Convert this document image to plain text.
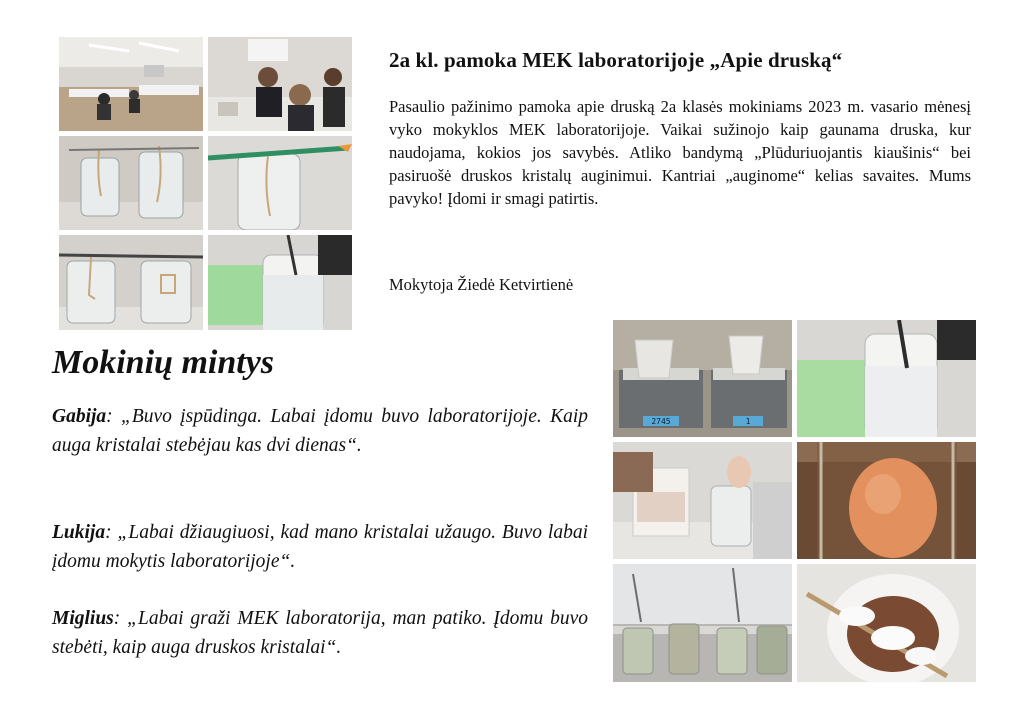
2a kl. pamoka MEK laboratorijoje „Apie druską“
Pasaulio pažinimo pamoka apie druską 2a klasės mokiniams 2023 m. vasario mėnesį vyko mokyklos MEK laboratorijoje. Vaikai sužinojo kaip gaunama druska, kur naudojama, kokios jos savybės. Atliko bandymą „Plūduriuojantis kiaušinis“ bei pasiruošė druskos kristalų auginimui. Kantriai „auginome“ kelias savaites. Mums pavyko! Įdomi ir smagi patirtis.
Mokytoja Žiedė Ketvirtienė
Mokinių mintys
Gabija: „Buvo įspūdinga. Labai įdomu buvo laboratorijoje. Kaip auga kristalai stebėjau kas dvi dienas“.
Lukija: „Labai džiaugiuosi, kad mano kristalai užaugo. Buvo labai įdomu mokytis laboratorijoje“.
Miglius: „Labai graži MEK laboratorija, man patiko. Įdomu buvo stebėti, kaip auga druskos kristalai“.
2745	1
